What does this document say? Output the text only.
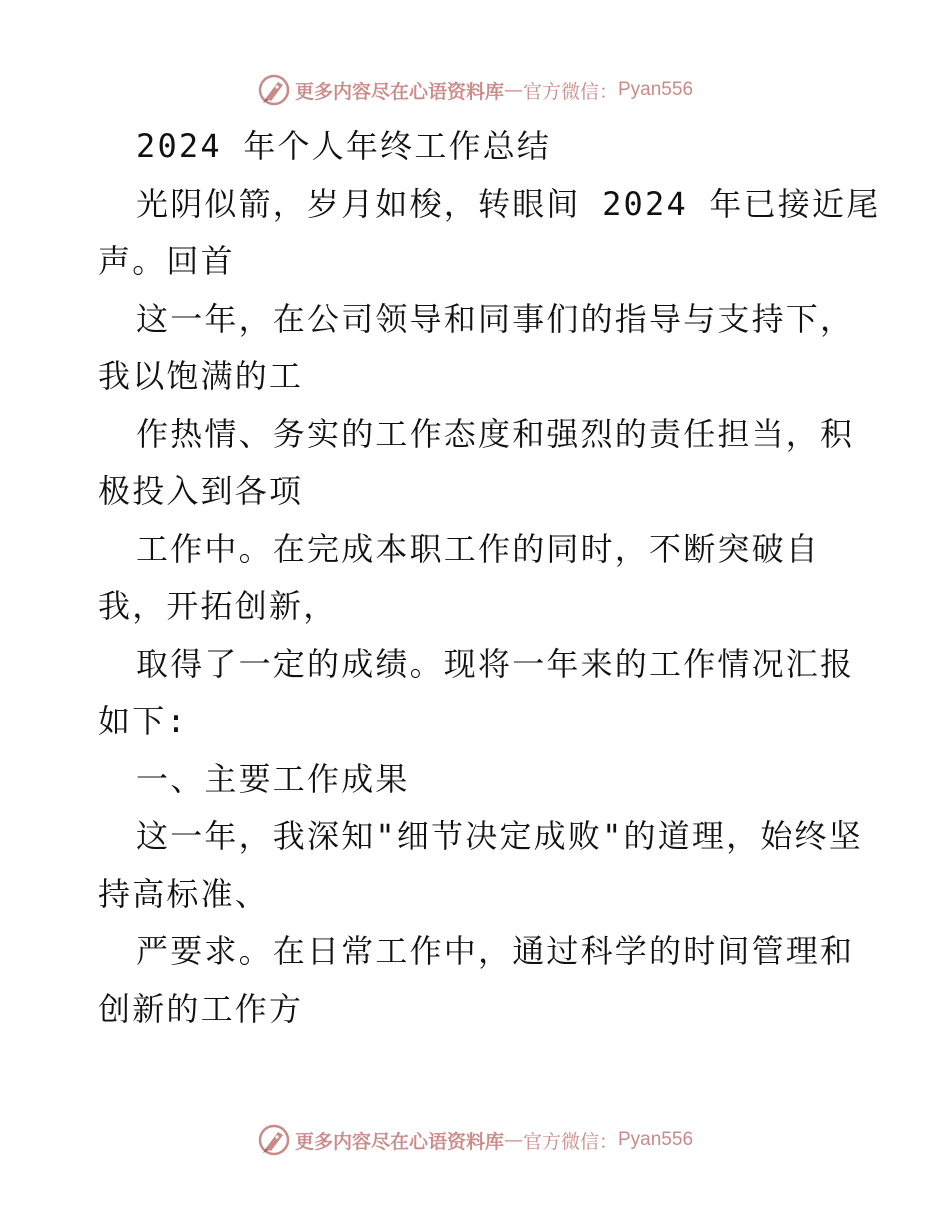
更多内容尽在心语资料库 — 官方微信： Pyan556
2024 年个人年终工作总结
光阴似箭，岁月如梭，转眼间 2024 年已接近尾
声。回首
这一年，在公司领导和同事们的指导与支持下，
我以饱满的工
作热情、务实的工作态度和强烈的责任担当，积
极投入到各项
工作中。在完成本职工作的同时，不断突破自
我，开拓创新，
取得了一定的成绩。现将一年来的工作情况汇报
如下:
一、主要工作成果
这一年，我深知"细节决定成败"的道理，始终坚
持高标准、
严要求。在日常工作中，通过科学的时间管理和
创新的工作方
更多内容尽在心语资料库 — 官方微信： Pyan556
